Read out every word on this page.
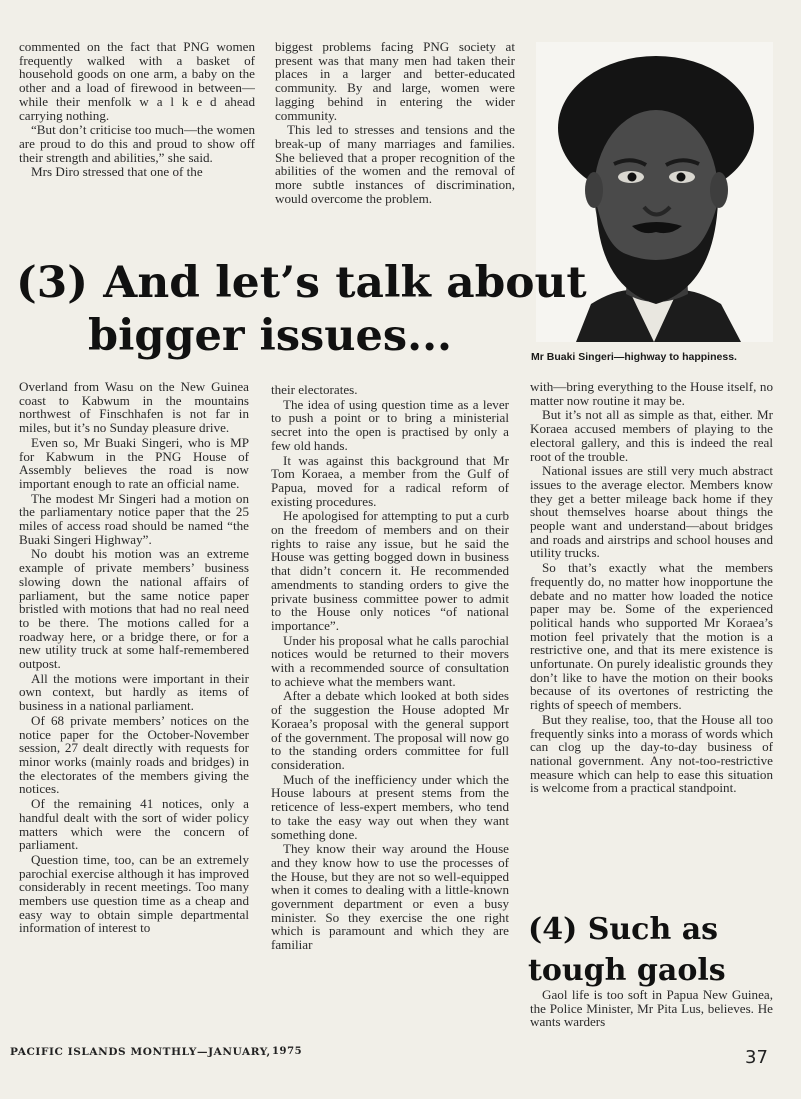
commented on the fact that PNG women frequently walked with a basket of household goods on one arm, a baby on the other and a load of firewood in between—while their menfolk w a l k e d ahead carrying nothing.

“But don’t criticise too much—the women are proud to do this and proud to show off their strength and abilities,” she said.

Mrs Diro stressed that one of the

biggest problems facing PNG society at present was that many men had taken their places in a larger and better-educated community. By and large, women were lagging behind in entering the wider community.

This led to stresses and tensions and the break-up of many marriages and families. She believed that a proper recognition of the abilities of the women and the removal of more subtle instances of discrimination, would overcome the problem.

Mr Buaki Singeri—highway to happiness.
(3) And let’s talk about
bigger issues...

Overland from Wasu on the New Guinea coast to Kabwum in the mountains northwest of Finschhafen is not far in miles, but it’s no Sunday pleasure drive.

Even so, Mr Buaki Singeri, who is MP for Kabwum in the PNG House of Assembly believes the road is now important enough to rate an official name.

The modest Mr Singeri had a motion on the parliamentary notice paper that the 25 miles of access road should be named “the Buaki Singeri Highway”.

No doubt his motion was an extreme example of private members’ business slowing down the national affairs of parliament, but the same notice paper bristled with motions that had no real need to be there. The motions called for a roadway here, or a bridge there, or for a new utility truck at some half-remembered outpost.

All the motions were important in their own context, but hardly as items of business in a national parliament.

Of 68 private members’ notices on the notice paper for the October-November session, 27 dealt directly with requests for minor works (mainly roads and bridges) in the electorates of the members giving the notices.

Of the remaining 41 notices, only a handful dealt with the sort of wider policy matters which were the concern of parliament.

Question time, too, can be an extremely parochial exercise although it has improved considerably in recent meetings. Too many members use question time as a cheap and easy way to obtain simple departmental information of interest to

their electorates.

The idea of using question time as a lever to push a point or to bring a ministerial secret into the open is practised by only a few old hands.

It was against this background that Mr Tom Koraea, a member from the Gulf of Papua, moved for a radical reform of existing procedures.

He apologised for attempting to put a curb on the freedom of members and on their rights to raise any issue, but he said the House was getting bogged down in business that didn’t concern it. He recommended amendments to standing orders to give the private business committee power to admit to the House only notices “of national importance”.

Under his proposal what he calls parochial notices would be returned to their movers with a recommended source of consultation to achieve what the members want.

After a debate which looked at both sides of the suggestion the House adopted Mr Koraea’s proposal with the general support of the government. The proposal will now go to the standing orders committee for full consideration.

Much of the inefficiency under which the House labours at present stems from the reticence of less-expert members, who tend to take the easy way out when they want something done.

They know their way around the House and they know how to use the processes of the House, but they are not so well-equipped when it comes to dealing with a little-known government department or even a busy minister. So they exercise the one right which is paramount and which they are familiar

with—bring everything to the House itself, no matter now routine it may be.

But it’s not all as simple as that, either. Mr Koraea accused members of playing to the electoral gallery, and this is indeed the real root of the trouble.

National issues are still very much abstract issues to the average elector. Members know they get a better mileage back home if they shout themselves hoarse about things the people want and understand—about bridges and roads and airstrips and school houses and utility trucks.

So that’s exactly what the members frequently do, no matter how inopportune the debate and no matter how loaded the notice paper may be. Some of the experienced political hands who supported Mr Koraea’s motion feel privately that the motion is a restrictive one, and that its mere existence is unfortunate. On purely idealistic grounds they don’t like to have the motion on their books because of its overtones of restricting the rights of speech of members.

But they realise, too, that the House all too frequently sinks into a morass of words which can clog up the day-to-day business of national government. Any not-too-restrictive measure which can help to ease this situation is welcome from a practical standpoint.

(4) Such as
tough gaols

Gaol life is too soft in Papua New Guinea, the Police Minister, Mr Pita Lus, believes. He wants warders

PACIFIC ISLANDS MONTHLY—JANUARY, 1975	37
